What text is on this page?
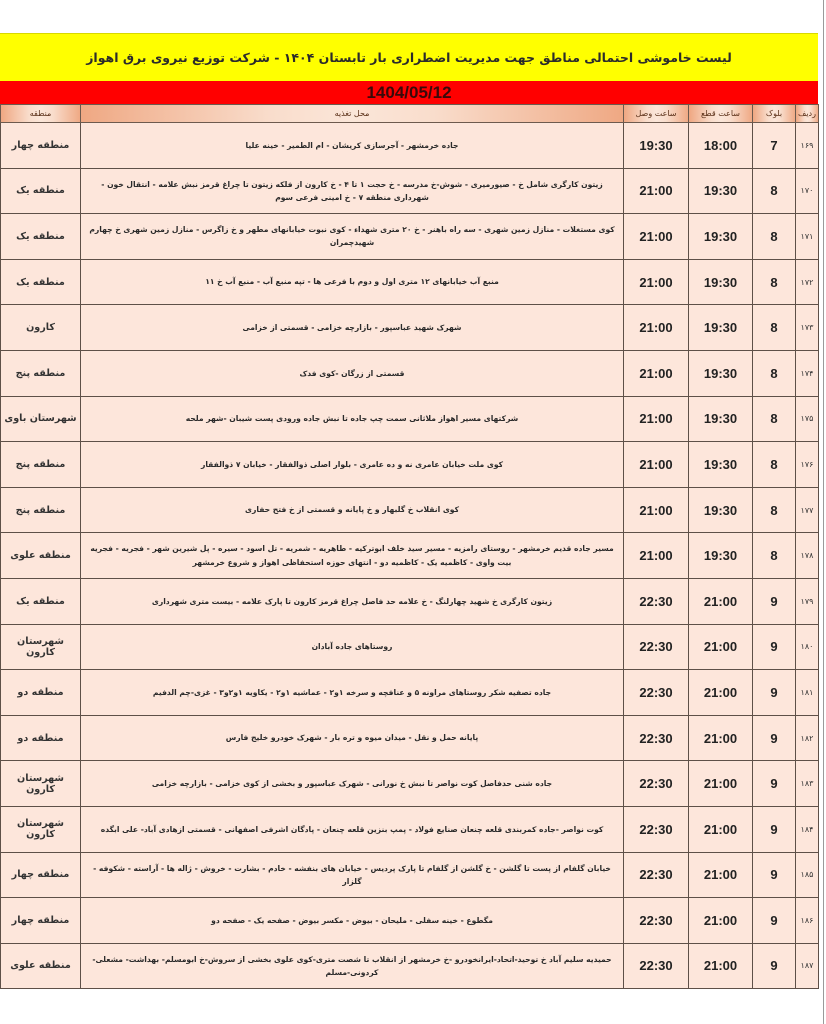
لیست خاموشی احتمالی مناطق جهت مدیریت اضطراری بار تابستان ۱۴۰۴ - شرکت توزیع نیروی برق اهواز
1404/05/12
ردیف	بلوک	ساعت قطع	ساعت وصل	محل تغذیه	منطقه
۱۶۹	7	18:00	19:30	جاده خرمشهر - آجرسازی کریشان - ام الطمیر - خینه علیا	منطقه چهار
۱۷۰	8	19:30	21:00	زیتون کارگری شامل خ - صیورمیری - شوش-خ مدرسه - خ حجت ۱ تا ۴ - خ کارون از فلکه زیتون تا چراغ قرمز نبش علامه - انتقال خون - شهرداری منطقه ۷ - خ امینی فرعی سوم	منطقه یک
۱۷۱	8	19:30	21:00	کوی مستغلات - منازل زمین شهری - سه راه باهنر - خ ۲۰ متری شهداء - کوی نبوت خیابانهای مطهر و خ زاگرس - منازل زمین شهری خ چهارم شهیدچمران	منطقه یک
۱۷۲	8	19:30	21:00	منبع آب خیابانهای ۱۲ متری اول و دوم با فرعی ها - تپه منبع آب - منبع آب خ ۱۱	منطقه یک
۱۷۳	8	19:30	21:00	شهرک شهید عباسپور - بازارچه خزامی - قسمتی از خزامی	کارون
۱۷۴	8	19:30	21:00	قسمتی از زرگان -کوی فدک	منطقه پنج
۱۷۵	8	19:30	21:00	شرکتهای مسیر اهواز ملاثانی سمت چپ جاده تا نبش جاده ورودی پست شیبان -شهر ملحه	شهرستان باوی
۱۷۶	8	19:30	21:00	کوی ملت خیابان عامری نه و ده عامری - بلوار اصلی ذوالفقار - خیابان ۷ ذوالفقار	منطقه پنج
۱۷۷	8	19:30	21:00	کوی انقلاب خ گلبهار و خ پایانه و قسمتی از خ فتح حفاری	منطقه پنج
۱۷۸	8	19:30	21:00	مسیر جاده قدیم خرمشهر - روستای رامزیه - مسیر سید خلف ابوترکیه - طاهریه - شمریه - تل اسود - سیره - پل شیرین شهر - فجریه - فجریه بیت واوی - کاظمیه یک - کاظمیه دو - انتهای حوزه استحفاظی اهواز و شروع خرمشهر	منطقه علوی
۱۷۹	9	21:00	22:30	زیتون کارگری خ شهید چهارلنگ - خ علامه حد فاصل چراغ قرمز کارون تا پارک علامه - بیست متری شهرداری	منطقه یک
۱۸۰	9	21:00	22:30	روستاهای جاده آبادان	شهرستان کارون
۱۸۱	9	21:00	22:30	جاده تصفیه شکر روستاهای مراونه ۵ و عنافچه و سرخه ۱و۲ - عماشیه ۱و۲ - یکاویه ۱و۲و۳ - غزی-چم الدفیم	منطقه دو
۱۸۲	9	21:00	22:30	پایانه حمل و نقل - میدان میوه و تره بار - شهرک خودرو خلیج فارس	منطقه دو
۱۸۳	9	21:00	22:30	جاده شنی حدفاصل کوت نواصر تا نبش خ نورانی - شهرک عباسپور و بخشی از کوی خزامی - بازارچه خزامی	شهرستان کارون
۱۸۴	9	21:00	22:30	کوت نواصر -جاده کمربندی قلعه چنعان صنایع فولاد - پمپ بنزین قلعه چنعان - پادگان اشرفی اصفهانی - قسمتی ازهادی آباد- علی ابگده	شهرستان کارون
۱۸۵	9	21:00	22:30	خیابان گلفام از پست تا گلشن - خ گلشن از گلفام تا پارک پردیس - خیابان های بنفشه - خادم - بشارت - خروش - ژاله ها - آراسته - شکوفه - گلزار	منطقه چهار
۱۸۶	9	21:00	22:30	مگطوع - خینه سفلی - ملیحان - بیوض - مکسر بیوض - صفحه یک - صفحه دو	منطقه چهار
۱۸۷	9	21:00	22:30	حمیدیه سلیم آباد خ توحید-اتحاد-ایرانخودرو -خ خرمشهر از انقلاب تا شصت متری-کوی علوی بخشی از سروش-خ ابومسلم- بهداشت- مشعلی- کردونی-مسلم	منطقه علوی
